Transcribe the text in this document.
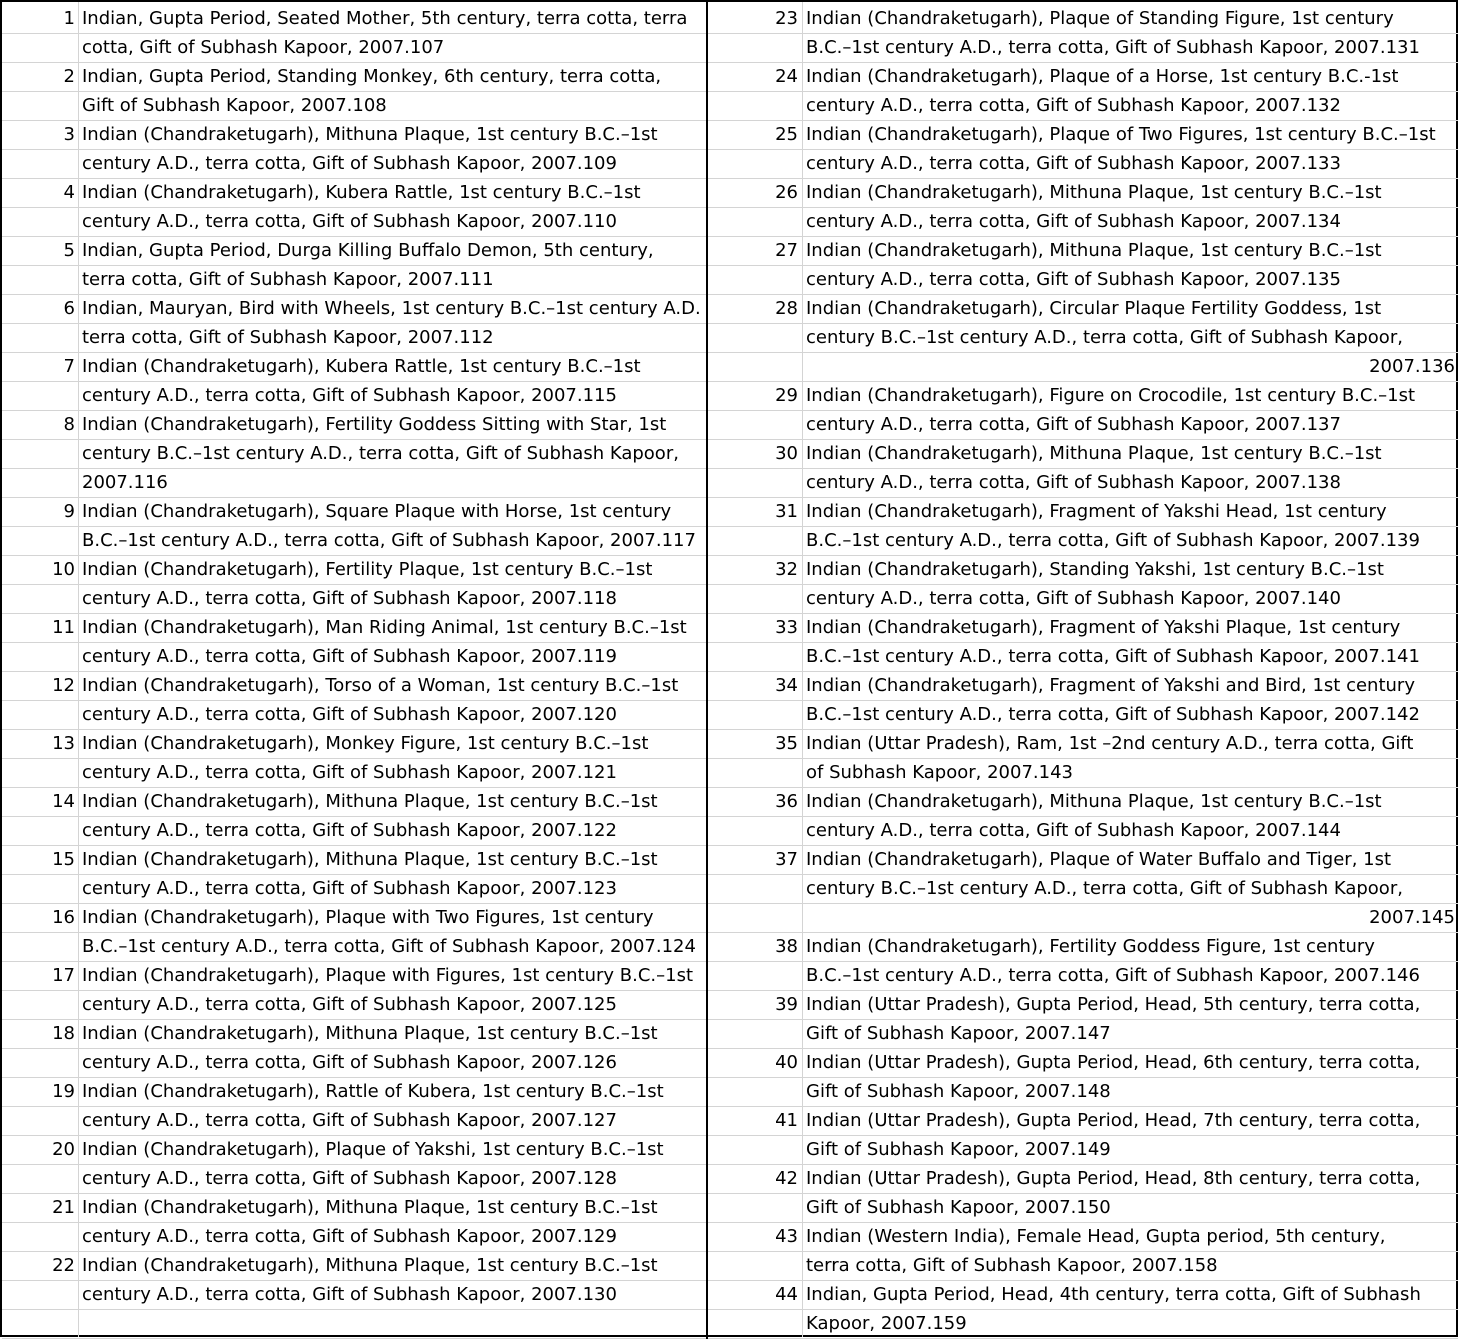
1 Indian, Gupta Period, Seated Mother, 5th century, terra cotta, terra
cotta, Gift of Subhash Kapoor, 2007.107
2 Indian, Gupta Period, Standing Monkey, 6th century, terra cotta,
Gift of Subhash Kapoor, 2007.108
3 Indian (Chandraketugarh), Mithuna Plaque, 1st century B.C.–1st
century A.D., terra cotta, Gift of Subhash Kapoor, 2007.109
4 Indian (Chandraketugarh), Kubera Rattle, 1st century B.C.–1st
century A.D., terra cotta, Gift of Subhash Kapoor, 2007.110
5 Indian, Gupta Period, Durga Killing Buffalo Demon, 5th century,
terra cotta, Gift of Subhash Kapoor, 2007.111
6 Indian, Mauryan, Bird with Wheels, 1st century B.C.–1st century A.D.
terra cotta, Gift of Subhash Kapoor, 2007.112
7 Indian (Chandraketugarh), Kubera Rattle, 1st century B.C.–1st
century A.D., terra cotta, Gift of Subhash Kapoor, 2007.115
8 Indian (Chandraketugarh), Fertility Goddess Sitting with Star, 1st
century B.C.–1st century A.D., terra cotta, Gift of Subhash Kapoor,
2007.116
9 Indian (Chandraketugarh), Square Plaque with Horse, 1st century
B.C.–1st century A.D., terra cotta, Gift of Subhash Kapoor, 2007.117
10 Indian (Chandraketugarh), Fertility Plaque, 1st century B.C.–1st
century A.D., terra cotta, Gift of Subhash Kapoor, 2007.118
11 Indian (Chandraketugarh), Man Riding Animal, 1st century B.C.–1st
century A.D., terra cotta, Gift of Subhash Kapoor, 2007.119
12 Indian (Chandraketugarh), Torso of a Woman, 1st century B.C.–1st
century A.D., terra cotta, Gift of Subhash Kapoor, 2007.120
13 Indian (Chandraketugarh), Monkey Figure, 1st century B.C.–1st
century A.D., terra cotta, Gift of Subhash Kapoor, 2007.121
14 Indian (Chandraketugarh), Mithuna Plaque, 1st century B.C.–1st
century A.D., terra cotta, Gift of Subhash Kapoor, 2007.122
15 Indian (Chandraketugarh), Mithuna Plaque, 1st century B.C.–1st
century A.D., terra cotta, Gift of Subhash Kapoor, 2007.123
16 Indian (Chandraketugarh), Plaque with Two Figures, 1st century
B.C.–1st century A.D., terra cotta, Gift of Subhash Kapoor, 2007.124
17 Indian (Chandraketugarh), Plaque with Figures, 1st century B.C.–1st
century A.D., terra cotta, Gift of Subhash Kapoor, 2007.125
18 Indian (Chandraketugarh), Mithuna Plaque, 1st century B.C.–1st
century A.D., terra cotta, Gift of Subhash Kapoor, 2007.126
19 Indian (Chandraketugarh), Rattle of Kubera, 1st century B.C.–1st
century A.D., terra cotta, Gift of Subhash Kapoor, 2007.127
20 Indian (Chandraketugarh), Plaque of Yakshi, 1st century B.C.–1st
century A.D., terra cotta, Gift of Subhash Kapoor, 2007.128
21 Indian (Chandraketugarh), Mithuna Plaque, 1st century B.C.–1st
century A.D., terra cotta, Gift of Subhash Kapoor, 2007.129
22 Indian (Chandraketugarh), Mithuna Plaque, 1st century B.C.–1st
century A.D., terra cotta, Gift of Subhash Kapoor, 2007.130
23 Indian (Chandraketugarh), Plaque of Standing Figure, 1st century
B.C.–1st century A.D., terra cotta, Gift of Subhash Kapoor, 2007.131
24 Indian (Chandraketugarh), Plaque of a Horse, 1st century B.C.-1st
century A.D., terra cotta, Gift of Subhash Kapoor, 2007.132
25 Indian (Chandraketugarh), Plaque of Two Figures, 1st century B.C.–1st
century A.D., terra cotta, Gift of Subhash Kapoor, 2007.133
26 Indian (Chandraketugarh), Mithuna Plaque, 1st century B.C.–1st
century A.D., terra cotta, Gift of Subhash Kapoor, 2007.134
27 Indian (Chandraketugarh), Mithuna Plaque, 1st century B.C.–1st
century A.D., terra cotta, Gift of Subhash Kapoor, 2007.135
28 Indian (Chandraketugarh), Circular Plaque Fertility Goddess, 1st
century B.C.–1st century A.D., terra cotta, Gift of Subhash Kapoor,
2007.136
29 Indian (Chandraketugarh), Figure on Crocodile, 1st century B.C.–1st
century A.D., terra cotta, Gift of Subhash Kapoor, 2007.137
30 Indian (Chandraketugarh), Mithuna Plaque, 1st century B.C.–1st
century A.D., terra cotta, Gift of Subhash Kapoor, 2007.138
31 Indian (Chandraketugarh), Fragment of Yakshi Head, 1st century
B.C.–1st century A.D., terra cotta, Gift of Subhash Kapoor, 2007.139
32 Indian (Chandraketugarh), Standing Yakshi, 1st century B.C.–1st
century A.D., terra cotta, Gift of Subhash Kapoor, 2007.140
33 Indian (Chandraketugarh), Fragment of Yakshi Plaque, 1st century
B.C.–1st century A.D., terra cotta, Gift of Subhash Kapoor, 2007.141
34 Indian (Chandraketugarh), Fragment of Yakshi and Bird, 1st century
B.C.–1st century A.D., terra cotta, Gift of Subhash Kapoor, 2007.142
35 Indian (Uttar Pradesh), Ram, 1st –2nd century A.D., terra cotta, Gift
of Subhash Kapoor, 2007.143
36 Indian (Chandraketugarh), Mithuna Plaque, 1st century B.C.–1st
century A.D., terra cotta, Gift of Subhash Kapoor, 2007.144
37 Indian (Chandraketugarh), Plaque of Water Buffalo and Tiger, 1st
century B.C.–1st century A.D., terra cotta, Gift of Subhash Kapoor,
2007.145
38 Indian (Chandraketugarh), Fertility Goddess Figure, 1st century
B.C.–1st century A.D., terra cotta, Gift of Subhash Kapoor, 2007.146
39 Indian (Uttar Pradesh), Gupta Period, Head, 5th century, terra cotta,
Gift of Subhash Kapoor, 2007.147
40 Indian (Uttar Pradesh), Gupta Period, Head, 6th century, terra cotta,
Gift of Subhash Kapoor, 2007.148
41 Indian (Uttar Pradesh), Gupta Period, Head, 7th century, terra cotta,
Gift of Subhash Kapoor, 2007.149
42 Indian (Uttar Pradesh), Gupta Period, Head, 8th century, terra cotta,
Gift of Subhash Kapoor, 2007.150
43 Indian (Western India), Female Head, Gupta period, 5th century,
terra cotta, Gift of Subhash Kapoor, 2007.158
44 Indian, Gupta Period, Head, 4th century, terra cotta, Gift of Subhash
Kapoor, 2007.159
